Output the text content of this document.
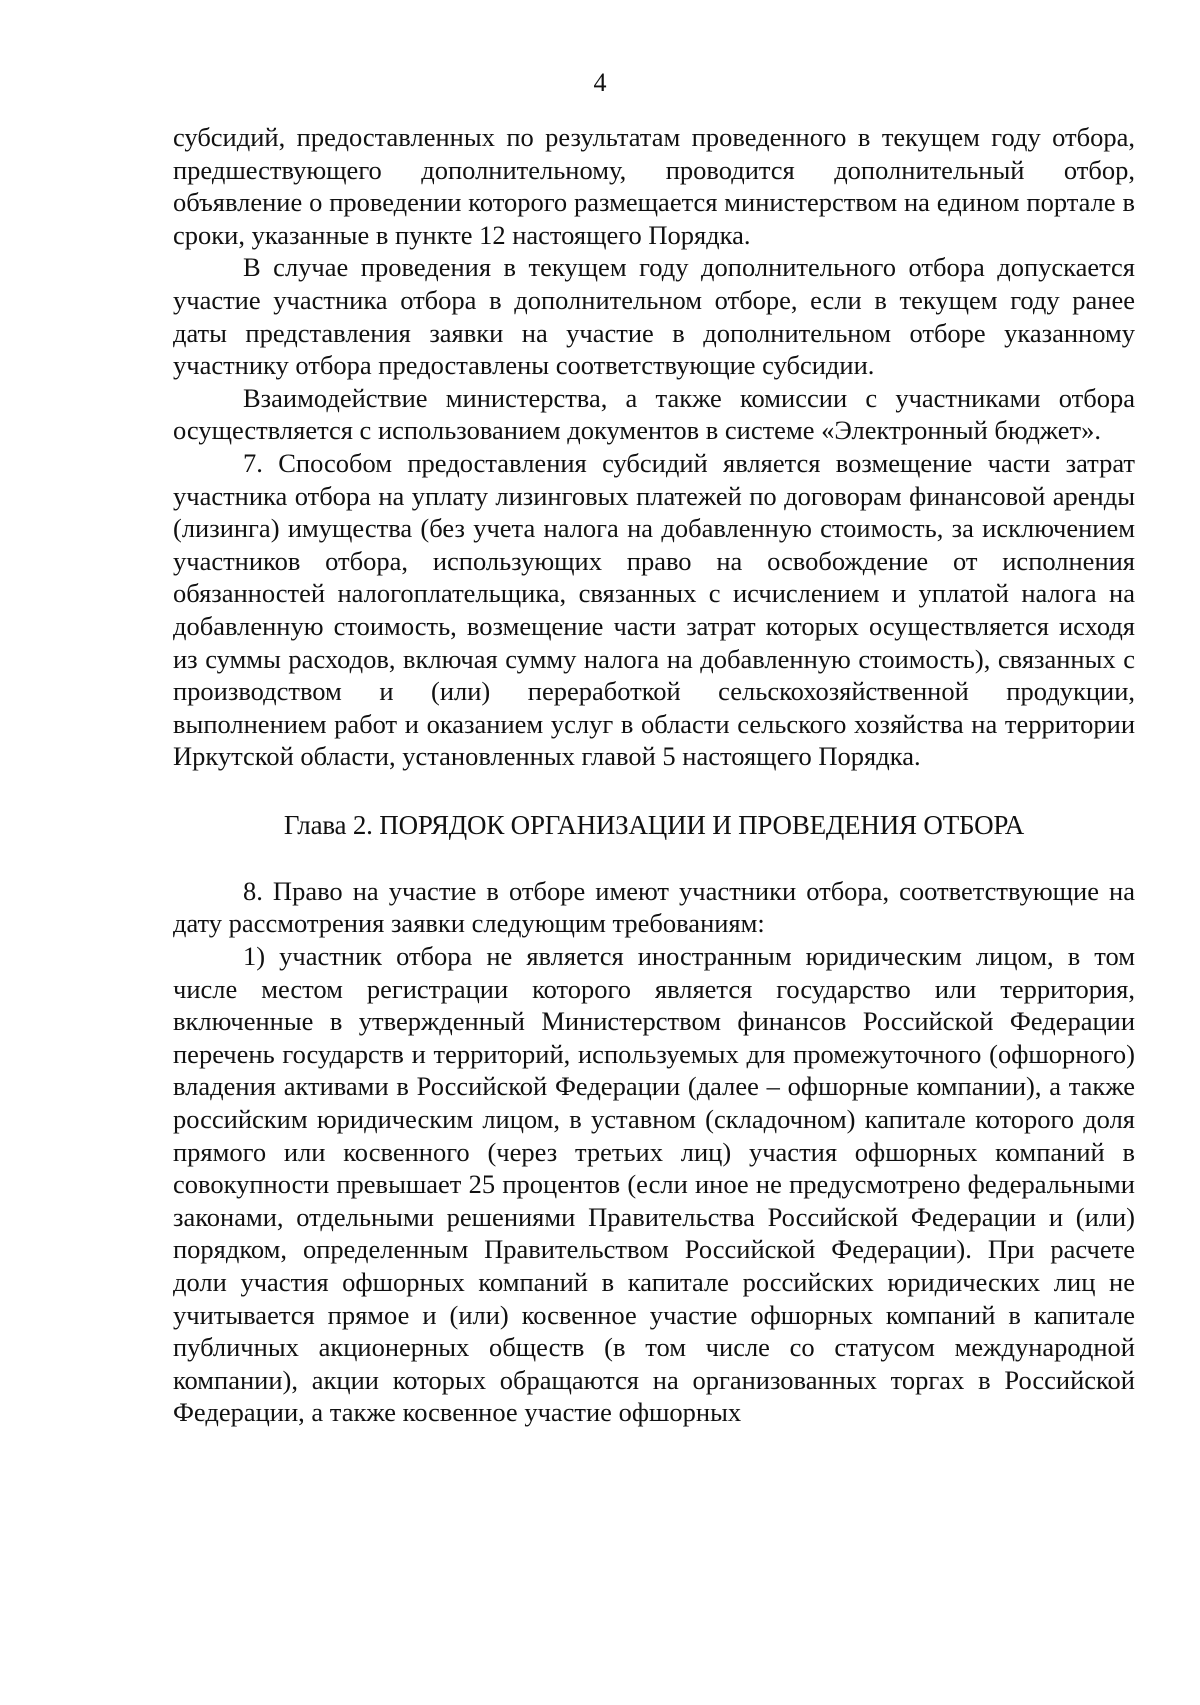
4

субсидий, предоставленных по результатам проведенного в текущем году отбора, предшествующего дополнительному, проводится дополнительный отбор, объявление о проведении которого размещается министерством на едином портале в сроки, указанные в пункте 12 настоящего Порядка.

В случае проведения в текущем году дополнительного отбора допускается участие участника отбора в дополнительном отборе, если в текущем году ранее даты представления заявки на участие в дополнительном отборе указанному участнику отбора предоставлены соответствующие субсидии.

Взаимодействие министерства, а также комиссии с участниками отбора осуществляется с использованием документов в системе «Электронный бюджет».

7. Способом предоставления субсидий является возмещение части затрат участника отбора на уплату лизинговых платежей по договорам финансовой аренды (лизинга) имущества (без учета налога на добавленную стоимость, за исключением участников отбора, использующих право на освобождение от исполнения обязанностей налогоплательщика, связанных с исчислением и уплатой налога на добавленную стоимость, возмещение части затрат которых осуществляется исходя из суммы расходов, включая сумму налога на добавленную стоимость), связанных с производством и (или) переработкой сельскохозяйственной продукции, выполнением работ и оказанием услуг в области сельского хозяйства на территории Иркутской области, установленных главой 5 настоящего Порядка.

Глава 2. ПОРЯДОК ОРГАНИЗАЦИИ И ПРОВЕДЕНИЯ ОТБОРА

8. Право на участие в отборе имеют участники отбора, соответствующие на дату рассмотрения заявки следующим требованиям:

1) участник отбора не является иностранным юридическим лицом, в том числе местом регистрации которого является государство или территория, включенные в утвержденный Министерством финансов Российской Федерации перечень государств и территорий, используемых для промежуточного (офшорного) владения активами в Российской Федерации (далее – офшорные компании), а также российским юридическим лицом, в уставном (складочном) капитале которого доля прямого или косвенного (через третьих лиц) участия офшорных компаний в совокупности превышает 25 процентов (если иное не предусмотрено федеральными законами, отдельными решениями Правительства Российской Федерации и (или) порядком, определенным Правительством Российской Федерации). При расчете доли участия офшорных компаний в капитале российских юридических лиц не учитывается прямое и (или) косвенное участие офшорных компаний в капитале публичных акционерных обществ (в том числе со статусом международной компании), акции которых обращаются на организованных торгах в Российской Федерации, а также косвенное участие офшорных
